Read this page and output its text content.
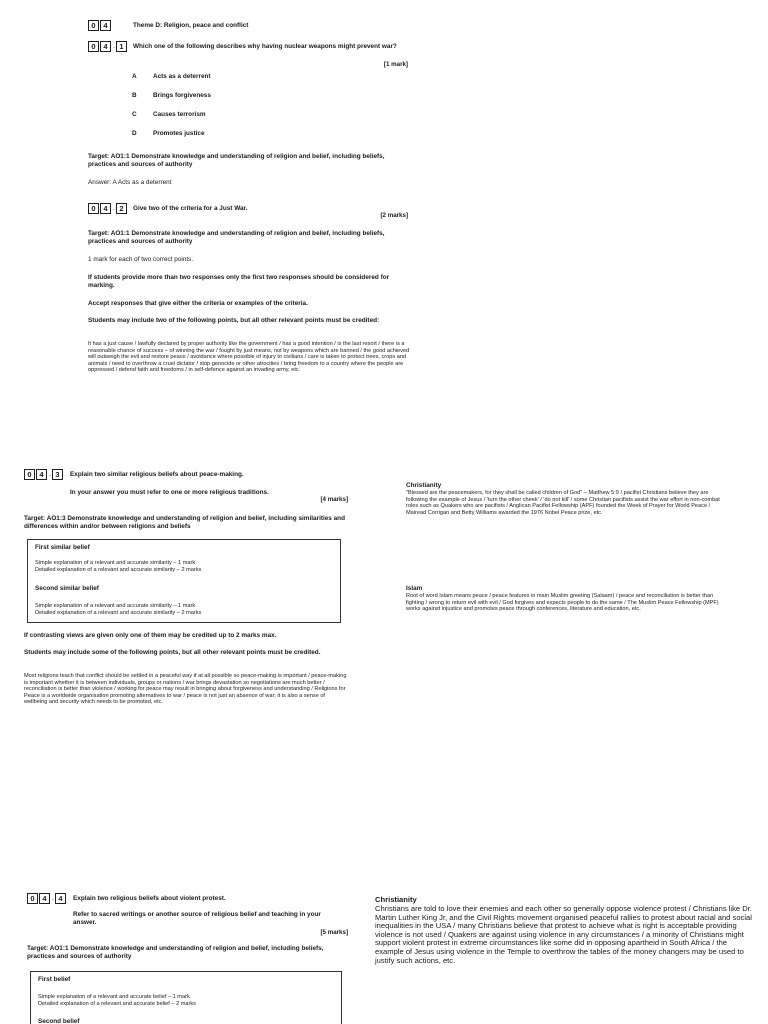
0	4	Theme D: Religion, peace and conflict
0	4 . 1	Which one of the following describes why having nuclear weapons might prevent war?
[1 mark]
A	Acts as a deterrent
B	Brings forgiveness
C	Causes terrorism
D	Promotes justice
Target: AO1:1 Demonstrate knowledge and understanding of religion and belief, including beliefs, practices and sources of authority
Answer: A Acts as a deterrent
0	4 . 2	Give two of the criteria for a Just War.
[2 marks]
Target: AO1:1 Demonstrate knowledge and understanding of religion and belief, including beliefs, practices and sources of authority
1 mark for each of two correct points.
If students provide more than two responses only the first two responses should be considered for marking.
Accept responses that give either the criteria or examples of the criteria.
Students may include two of the following points, but all other relevant points must be credited:
It has a just cause / lawfully declared by proper authority like the government / has a good intention / is the last resort / there is a reasonable chance of success – of winning the war / fought by just means, not by weapons which are banned / the good achieved will outweigh the evil and restore peace / avoidance where possible of injury to civilians / care is taken to protect trees, crops and animals / need to overthrow a cruel dictator / stop genocide or other atrocities / bring freedom to a country where the people are oppressed / defend faith and freedoms / in self-defence against an invading army, etc.
0	4 . 3	Explain two similar religious beliefs about peace-making.
In your answer you must refer to one or more religious traditions.
[4 marks]
Target: AO1:3 Demonstrate knowledge and understanding of religion and belief, including similarities and differences within and/or between religions and beliefs
First similar belief
Simple explanation of a relevant and accurate similarity – 1 mark
Detailed explanation of a relevant and accurate similarity – 2 marks
Second similar belief
Simple explanation of a relevant and accurate similarity – 1 mark
Detailed explanation of a relevant and accurate similarity – 2 marks
If contrasting views are given only one of them may be credited up to 2 marks max.
Students may include some of the following points, but all other relevant points must be credited.
Most religions teach that conflict should be settled in a peaceful way if at all possible so peace-making is important / peace-making is important whether it is between individuals, groups or nations / war brings devastation so negotiations are much better / reconciliation is better than violence / working for peace may result in bringing about forgiveness and understanding / Religions for Peace is a worldwide organisation promoting alternatives to war / peace is not just an absence of war; it is also a sense of wellbeing and security which needs to be promoted, etc.
Christianity
"Blessed are the peacemakers, for they shall be called children of God" – Matthew 5:9 / pacifist Christians believe they are following the example of Jesus / 'turn the other cheek' / 'do not kill' / some Christian pacifists assist the war effort in non-combat roles such as Quakers who are pacifists / Anglican Pacifist Fellowship (APF) founded the Week of Prayer for World Peace / Mairead Corrigan and Betty Williams awarded the 1976 Nobel Peace prize, etc.
Islam
Root of word Islam means peace / peace features in main Muslim greeting (Salaam) / peace and reconciliation is better than fighting / wrong to return evil with evil / God forgives and expects people to do the same / The Muslim Peace Fellowship (MPF) works against injustice and promotes peace through conferences, literature and education, etc.
0	4 . 4	Explain two religious beliefs about violent protest.
Refer to sacred writings or another source of religious belief and teaching in your answer.
[5 marks]
Target: AO1:1 Demonstrate knowledge and understanding of religion and belief, including beliefs, practices and sources of authority
First belief
Simple explanation of a relevant and accurate belief – 1 mark
Detailed explanation of a relevant and accurate belief – 2 marks
Second belief
Christianity
Christians are told to love their enemies and each other so generally oppose violence protest / Christians like Dr. Martin Luther King Jr, and the Civil Rights movement organised peaceful rallies to protest about racial and social inequalities in the USA / many Christians believe that protest to achieve what is right is acceptable providing violence is not used / Quakers are against using violence in any circumstances / a minority of Christians might support violent protest in extreme circumstances like some did in opposing apartheid in South Africa / the example of Jesus using violence in the Temple to overthrow the tables of the money changers may be used to justify such actions, etc.
